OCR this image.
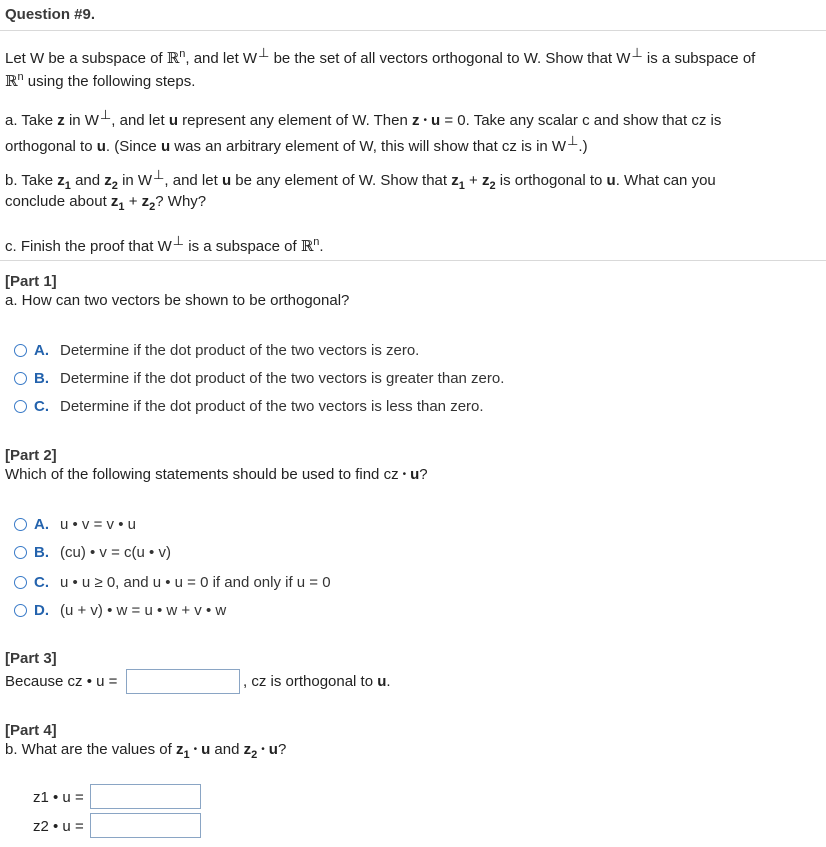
Question #9.
Let W be a subspace of ℝ$^n$, and let W⊥ be the set of all vectors orthogonal to W. Show that W⊥ is a subspace of
ℝ$^n$ using the following steps.
a. Take z in W⊥, and let u represent any element of W. Then z • u = 0. Take any scalar c and show that cz is
orthogonal to u. (Since u was an arbitrary element of W, this will show that cz is in W⊥.)
b. Take $z_1$ and $z_2$ in W⊥, and let u be any element of W. Show that $z_1 + z_2$ is orthogonal to u. What can you
conclude about $z_1 + z_2$? Why?
c. Finish the proof that W⊥ is a subspace of ℝ$^n$.
[Part 1]
a. How can two vectors be shown to be orthogonal?
A. Determine if the dot product of the two vectors is zero.
B. Determine if the dot product of the two vectors is greater than zero.
C. Determine if the dot product of the two vectors is less than zero.
[Part 2]
Which of the following statements should be used to find cz • u?
A. u • v = v • u
B. (cu) • v = c(u • v)
C. u • u ≥ 0, and u • u = 0 if and only if u = 0
D. (u + v) • w = u • w + v • w
[Part 3]
Because cz • u =	, cz is orthogonal to u.
[Part 4]
b. What are the values of $z_1$ • u and $z_2$ • u?
z1 • u =
z2 • u =
